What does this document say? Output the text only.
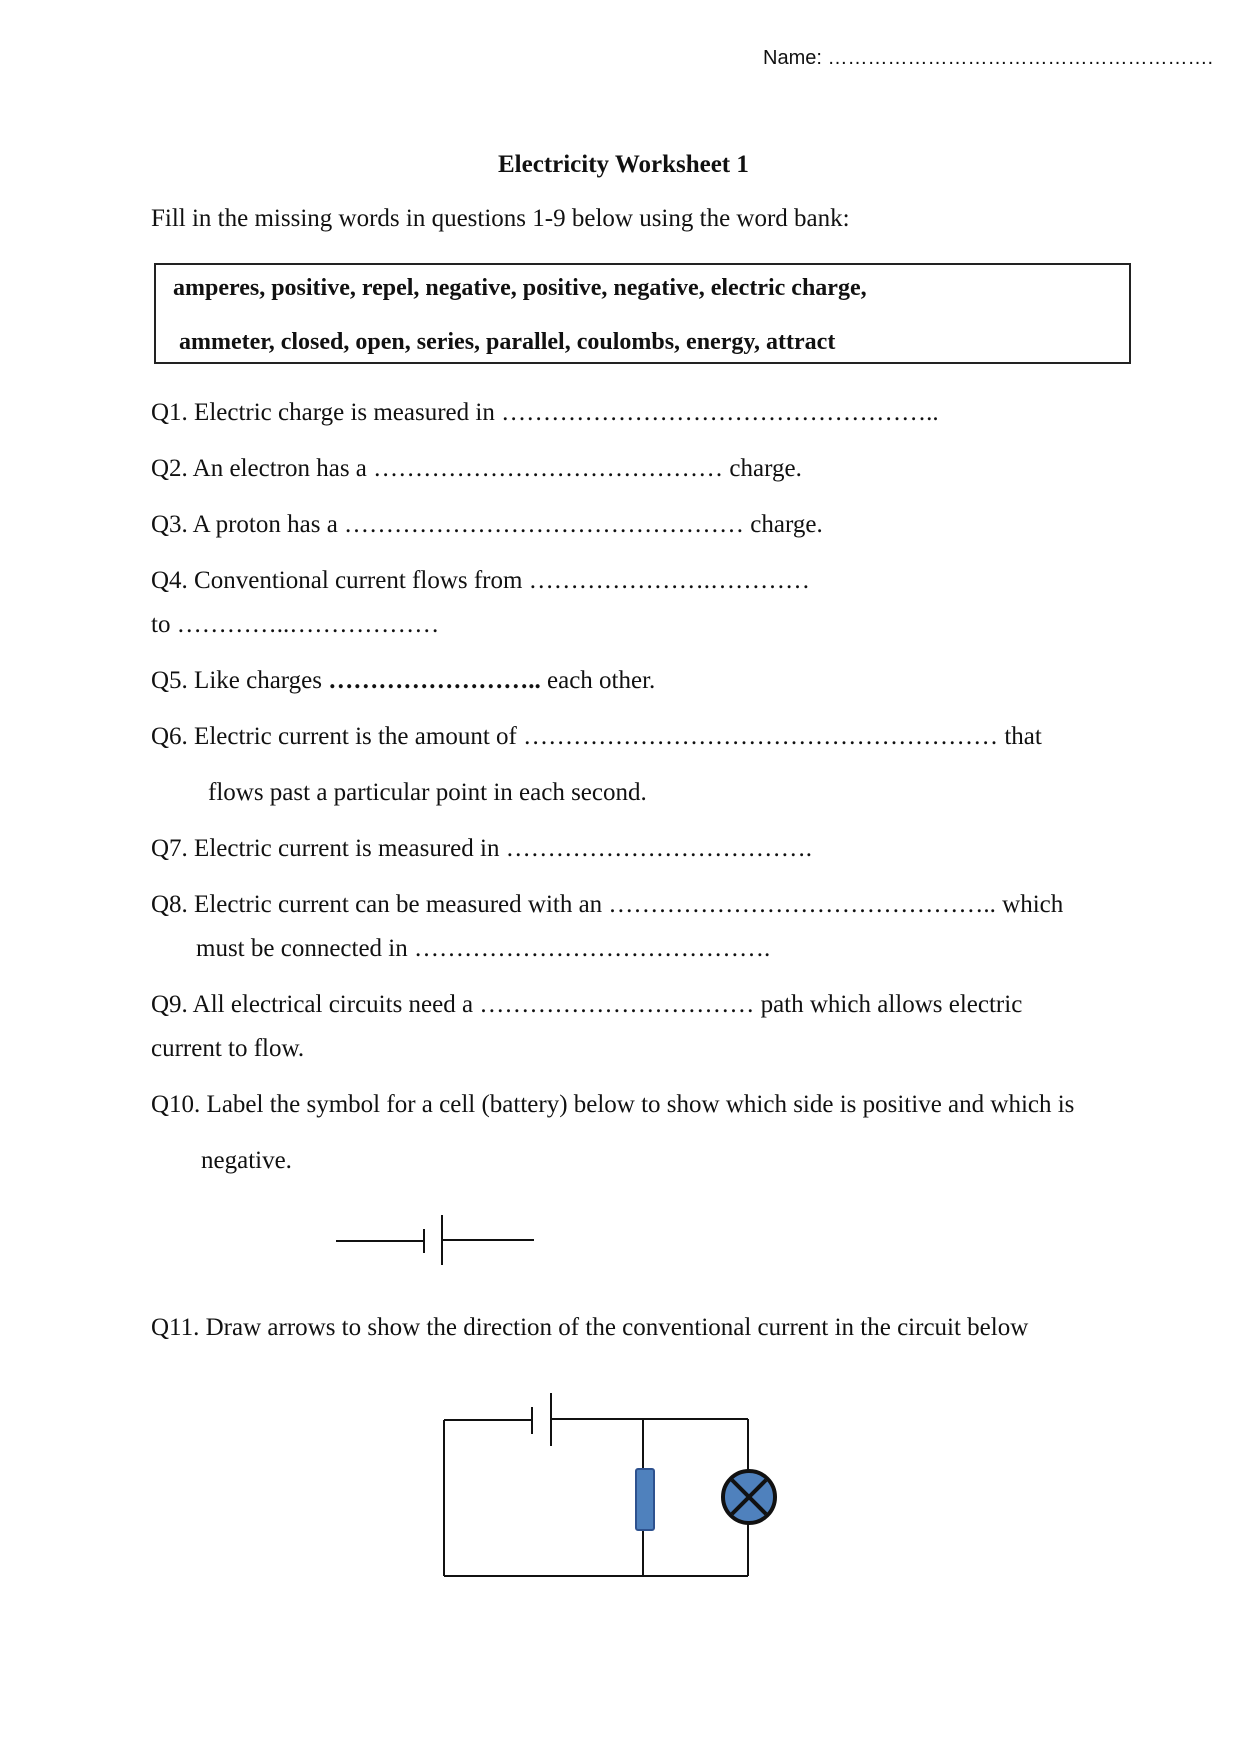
Name: ………………………………………………….
Electricity Worksheet 1
Fill in the missing words in questions 1-9 below using the word bank:
amperes, positive, repel, negative, positive, negative, electric charge,
ammeter, closed, open, series, parallel, coulombs, energy, attract
Q1. Electric charge is measured in ……………………………………………..
Q2. An electron has a …………………………………… charge.
Q3. A proton has a ………………………………………… charge.
Q4. Conventional current flows from ………………….…………
to …………..………………
Q5. Like charges …………………….. each other.
Q6. Electric current is the amount of ………………………………………………… that
flows past a particular point in each second.
Q7. Electric current is measured in ……………………………….
Q8. Electric current can be measured with an ……………………………………….. which
must be connected in …………………………………….
Q9. All electrical circuits need a …………………………… path which allows electric
current to flow.
Q10. Label the symbol for a cell (battery) below to show which side is positive and which is
negative.
Q11. Draw arrows to show the direction of the conventional current in the circuit below
